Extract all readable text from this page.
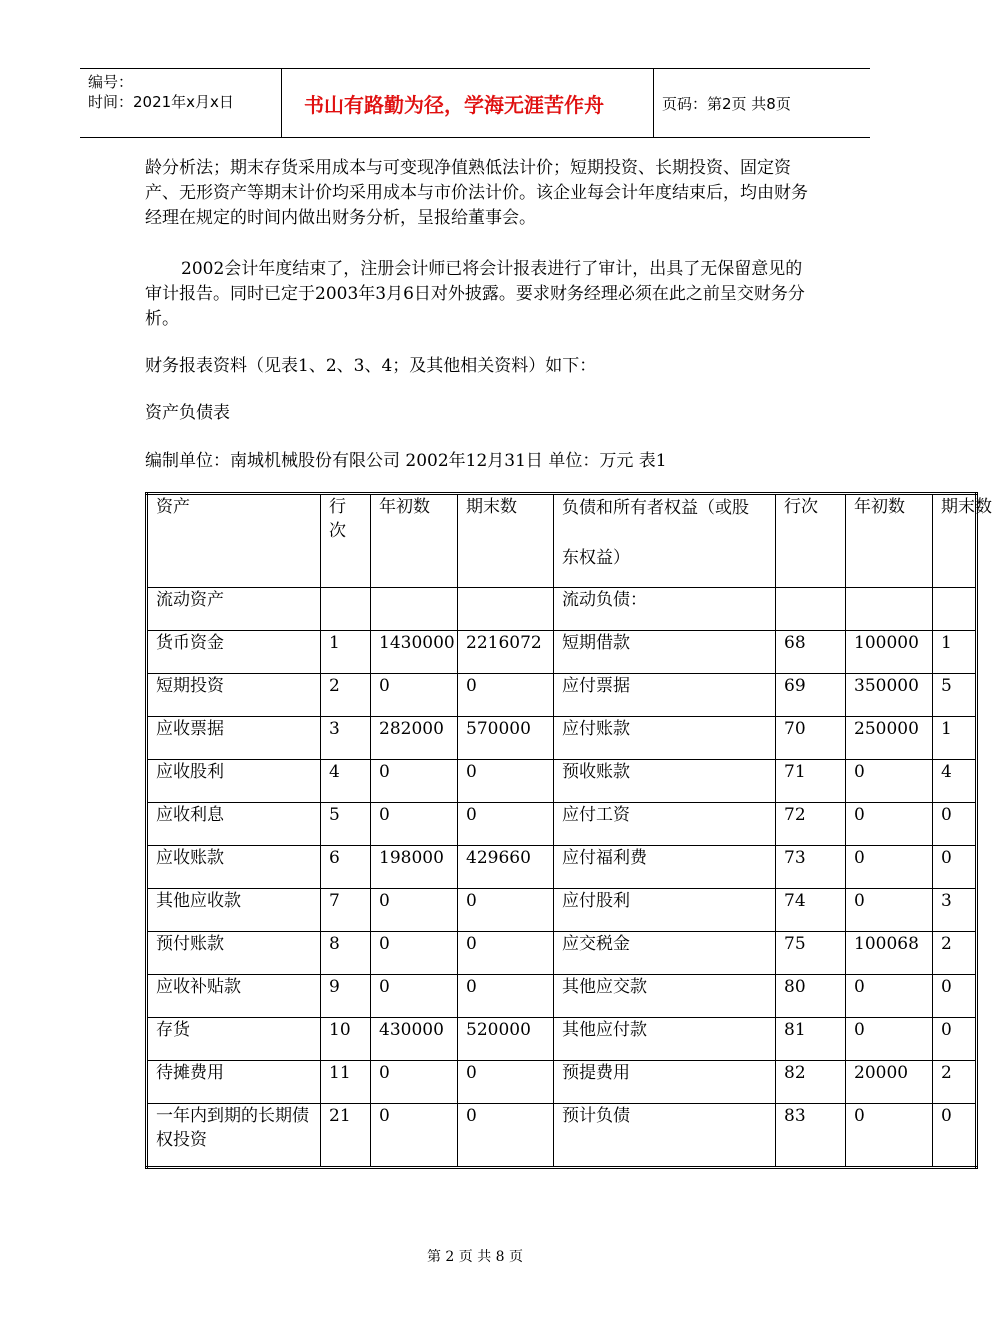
编号：
时间：2021年x月x日	书山有路勤为径，学海无涯苦作舟	页码：第2页 共8页

龄分析法；期末存货采用成本与可变现净值熟低法计价；短期投资、长期投资、固定资产、无形资产等期末计价均采用成本与市价法计价。该企业每会计年度结束后，均由财务经理在规定的时间内做出财务分析，呈报给董事会。

2002会计年度结束了，注册会计师已将会计报表进行了审计，出具了无保留意见的审计报告。同时已定于2003年3月6日对外披露。要求财务经理必须在此之前呈交财务分析。

财务报表资料（见表1、2、3、4；及其他相关资料）如下：

资产负债表

编制单位：南城机械股份有限公司 2002年12月31日 单位：万元 表1

资产	行次	年初数	期末数	负债和所有者权益（或股东权益）	行次	年初数	期末数
流动资产				流动负债：			
货币资金	1	1430000	2216072	短期借款	68	100000	1
短期投资	2	0	0	应付票据	69	350000	5
应收票据	3	282000	570000	应付账款	70	250000	1
应收股利	4	0	0	预收账款	71	0	4
应收利息	5	0	0	应付工资	72	0	0
应收账款	6	198000	429660	应付福利费	73	0	0
其他应收款	7	0	0	应付股利	74	0	3
预付账款	8	0	0	应交税金	75	100068	2
应收补贴款	9	0	0	其他应交款	80	0	0
存货	10	430000	520000	其他应付款	81	0	0
待摊费用	11	0	0	预提费用	82	20000	2
一年内到期的长期债权投资	21	0	0	预计负债	83	0	0
第 2 页 共 8 页
